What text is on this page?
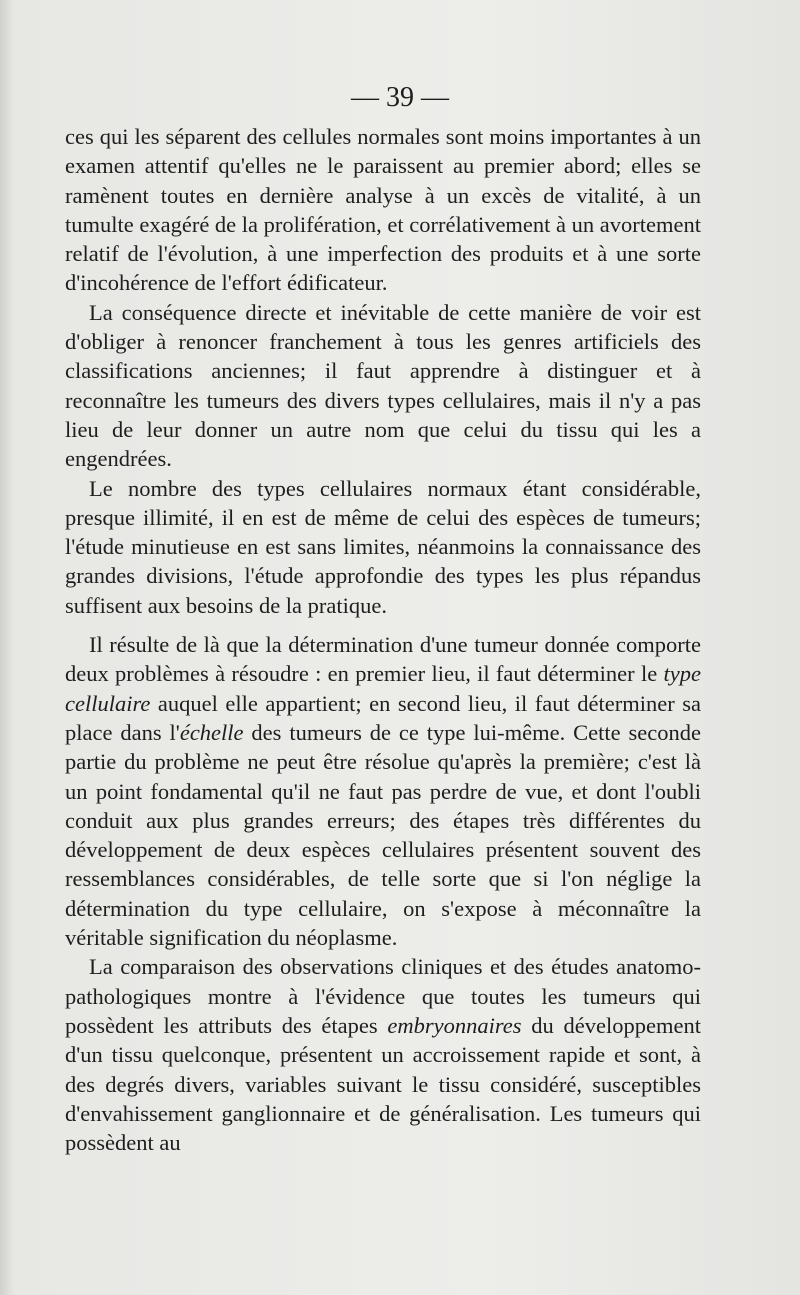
— 39 —

ces qui les séparent des cellules normales sont moins importantes à un examen attentif qu'elles ne le paraissent au premier abord; elles se ramènent toutes en dernière analyse à un excès de vitalité, à un tumulte exagéré de la prolifération, et corrélativement à un avortement relatif de l'évolution, à une imperfection des produits et à une sorte d'incohérence de l'effort édificateur.

La conséquence directe et inévitable de cette manière de voir est d'obliger à renoncer franchement à tous les genres artificiels des classifications anciennes; il faut apprendre à distinguer et à reconnaître les tumeurs des divers types cellulaires, mais il n'y a pas lieu de leur donner un autre nom que celui du tissu qui les a engendrées.

Le nombre des types cellulaires normaux étant considérable, presque illimité, il en est de même de celui des espèces de tumeurs; l'étude minutieuse en est sans limites, néanmoins la connaissance des grandes divisions, l'étude approfondie des types les plus répandus suffisent aux besoins de la pratique.

Il résulte de là que la détermination d'une tumeur donnée comporte deux problèmes à résoudre : en premier lieu, il faut déterminer le type cellulaire auquel elle appartient; en second lieu, il faut déterminer sa place dans l'échelle des tumeurs de ce type lui-même. Cette seconde partie du problème ne peut être résolue qu'après la première; c'est là un point fondamental qu'il ne faut pas perdre de vue, et dont l'oubli conduit aux plus grandes erreurs; des étapes très différentes du développement de deux espèces cellulaires présentent souvent des ressemblances considérables, de telle sorte que si l'on néglige la détermination du type cellulaire, on s'expose à méconnaître la véritable signification du néoplasme.

La comparaison des observations cliniques et des études anatomo-pathologiques montre à l'évidence que toutes les tumeurs qui possèdent les attributs des étapes embryonnaires du développement d'un tissu quelconque, présentent un accroissement rapide et sont, à des degrés divers, variables suivant le tissu considéré, susceptibles d'envahissement ganglionnaire et de généralisation. Les tumeurs qui possèdent au
